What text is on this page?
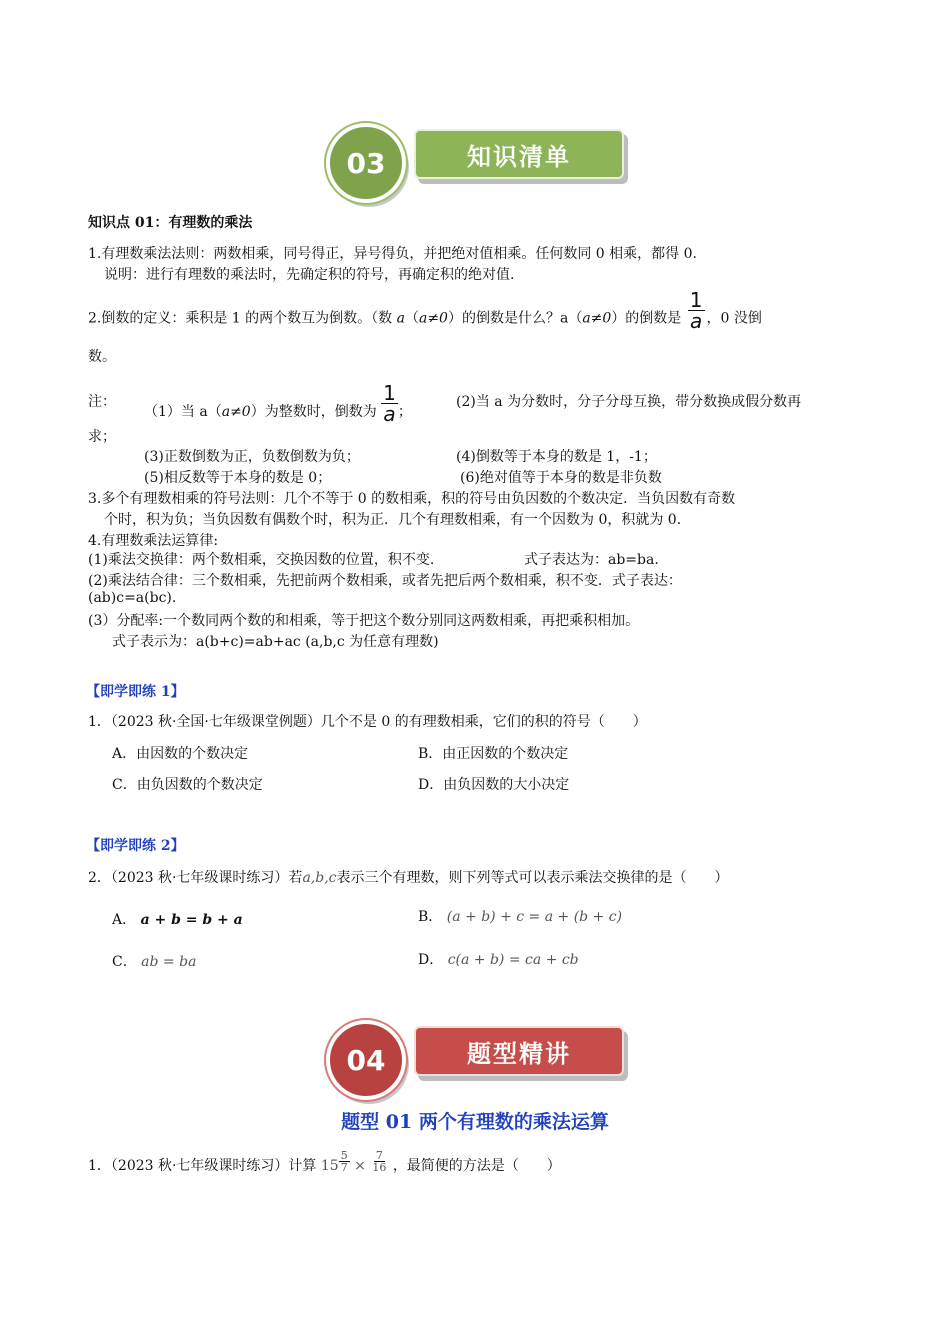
03	知识清单
知识点 01：有理数的乘法
1.有理数乘法法则：两数相乘，同号得正，异号得负，并把绝对值相乘。任何数同 0 相乘，都得 0.
说明：进行有理数的乘法时，先确定积的符号，再确定积的绝对值.
2.倒数的定义：乘积是 1 的两个数互为倒数。（数 a（a≠0）的倒数是什么？a（a≠0）的倒数是 $\frac{1}{a}$ ，0 没倒
数。
注：
（1）当 a（a≠0）为整数时，倒数为 $\frac{1}{a}$ ；
(2)当 a 为分数时，分子分母互换，带分数换成假分数再
求；
(3)正数倒数为正，负数倒数为负；	(4)倒数等于本身的数是 1，-1；
(5)相反数等于本身的数是 0；	(6)绝对值等于本身的数是非负数
3.多个有理数相乘的符号法则：几个不等于 0 的数相乘，积的符号由负因数的个数决定．当负因数有奇数
个时，积为负；当负因数有偶数个时，积为正．几个有理数相乘，有一个因数为 0，积就为 0.
4.有理数乘法运算律:
(1)乘法交换律：两个数相乘，交换因数的位置，积不变.	式子表达为：ab=ba.
(2)乘法结合律：三个数相乘，先把前两个数相乘，或者先把后两个数相乘，积不变．式子表达：
(ab)c=a(bc).
(3）分配率:一个数同两个数的和相乘，等于把这个数分别同这两数相乘，再把乘积相加。
式子表示为：a(b+c)=ab+ac (a,b,c 为任意有理数)
【即学即练 1】
1．（2023 秋·全国·七年级课堂例题）几个不是 0 的有理数相乘，它们的积的符号（　　）
A．由因数的个数决定	B．由正因数的个数决定
C．由负因数的个数决定	D．由负因数的大小决定
【即学即练 2】
2．（2023 秋·七年级课时练习）若a,b,c表示三个有理数，则下列等式可以表示乘法交换律的是（　　）
A． a + b = b + a	B． (a + b) + c = a + (b + c)
C． ab = ba	D． c(a + b) = ca + cb
04	题型精讲
题型 01 两个有理数的乘法运算
1．（2023 秋·七年级课时练习）计算 $15 \frac{5}{7} \times \frac{7}{16}$ ，最简便的方法是（　　）
